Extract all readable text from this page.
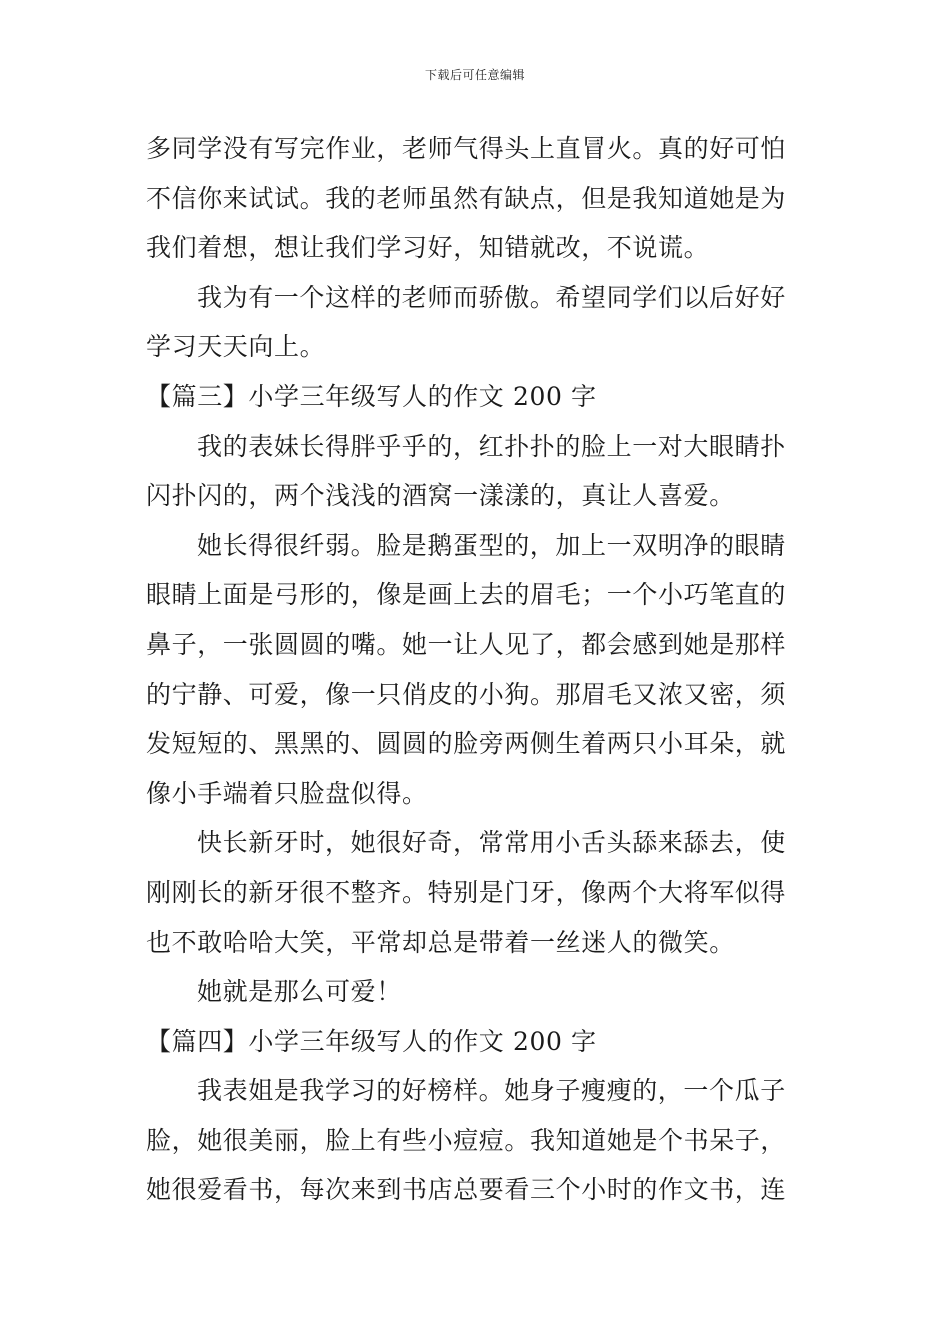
下载后可任意编辑
多同学没有写完作业，老师气得头上直冒火。真的好可怕
不信你来试试。我的老师虽然有缺点，但是我知道她是为
我们着想，想让我们学习好，知错就改，不说谎。
我为有一个这样的老师而骄傲。希望同学们以后好好
学习天天向上。
【篇三】小学三年级写人的作文 200 字
我的表妹长得胖乎乎的，红扑扑的脸上一对大眼睛扑
闪扑闪的，两个浅浅的酒窝一漾漾的，真让人喜爱。
她长得很纤弱。脸是鹅蛋型的，加上一双明净的眼睛
眼睛上面是弓形的，像是画上去的眉毛；一个小巧笔直的
鼻子，一张圆圆的嘴。她一让人见了，都会感到她是那样
的宁静、可爱，像一只俏皮的小狗。那眉毛又浓又密，须
发短短的、黑黑的、圆圆的脸旁两侧生着两只小耳朵，就
像小手端着只脸盘似得。
快长新牙时，她很好奇，常常用小舌头舔来舔去，使
刚刚长的新牙很不整齐。特别是门牙，像两个大将军似得
也不敢哈哈大笑，平常却总是带着一丝迷人的微笑。
她就是那么可爱！
【篇四】小学三年级写人的作文 200 字
我表姐是我学习的好榜样。她身子瘦瘦的，一个瓜子
脸，她很美丽，脸上有些小痘痘。我知道她是个书呆子，
她很爱看书，每次来到书店总要看三个小时的作文书，连
